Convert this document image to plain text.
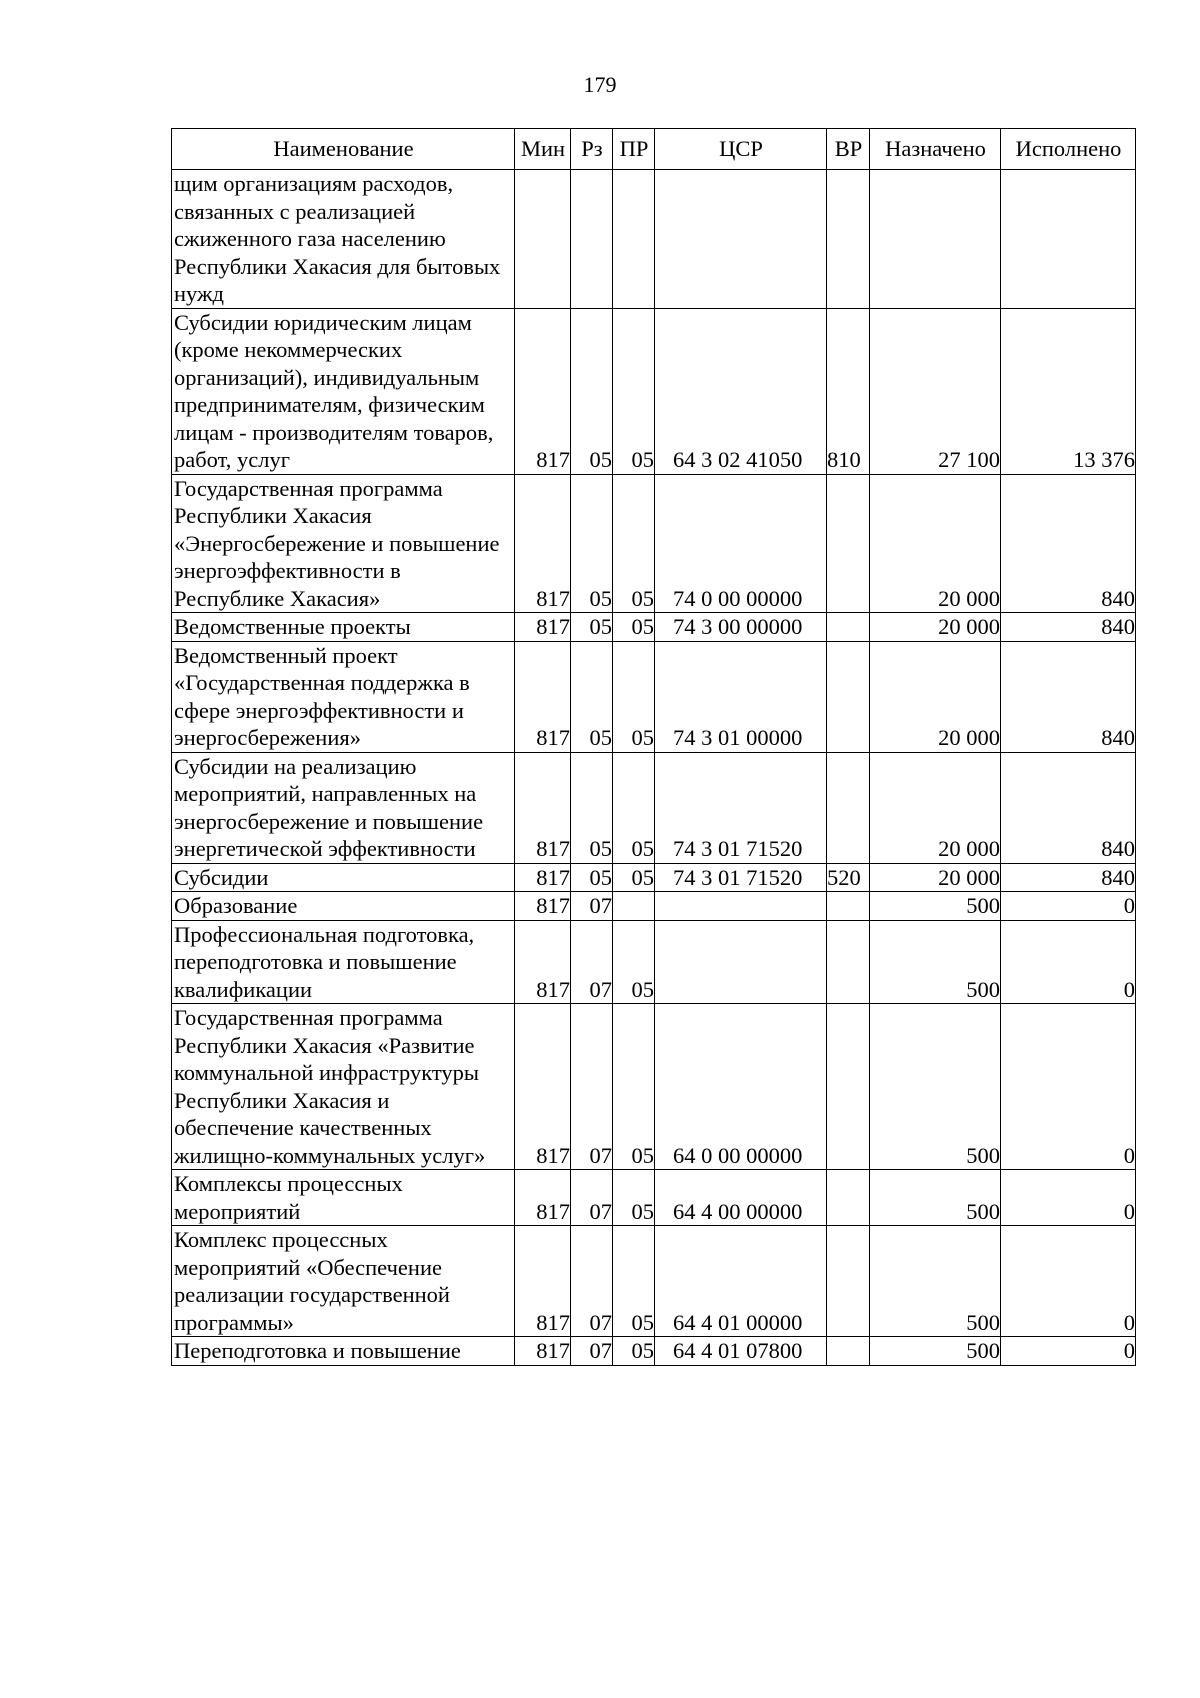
179
Наименование	Мин	Рз	ПР	ЦСР	ВР	Назначено	Исполнено
щим организациям расходов, связанных с реализацией сжиженного газа населению Республики Хакасия для бытовых нужд							
Субсидии юридическим лицам (кроме некоммерческих организаций), индивидуальным предпринимателям, физическим лицам - производителям товаров, работ, услуг	817	05	05	64 3 02 41050	810	27 100	13 376
Государственная программа Республики Хакасия «Энергосбережение и повышение энергоэффективности в Республике Хакасия»	817	05	05	74 0 00 00000		20 000	840
Ведомственные проекты	817	05	05	74 3 00 00000		20 000	840
Ведомственный проект «Государственная поддержка в сфере энергоэффективности и энергосбережения»	817	05	05	74 3 01 00000		20 000	840
Субсидии на реализацию мероприятий, направленных на энергосбережение и повышение энергетической эффективности	817	05	05	74 3 01 71520		20 000	840
Субсидии	817	05	05	74 3 01 71520	520	20 000	840
Образование	817	07				500	0
Профессиональная подготовка, переподготовка и повышение квалификации	817	07	05			500	0
Государственная программа Республики Хакасия «Развитие коммунальной инфраструктуры Республики Хакасия и обеспечение качественных жилищно-коммунальных услуг»	817	07	05	64 0 00 00000		500	0
Комплексы процессных мероприятий	817	07	05	64 4 00 00000		500	0
Комплекс процессных мероприятий «Обеспечение реализации государственной программы»	817	07	05	64 4 01 00000		500	0
Переподготовка и повышение	817	07	05	64 4 01 07800		500	0
